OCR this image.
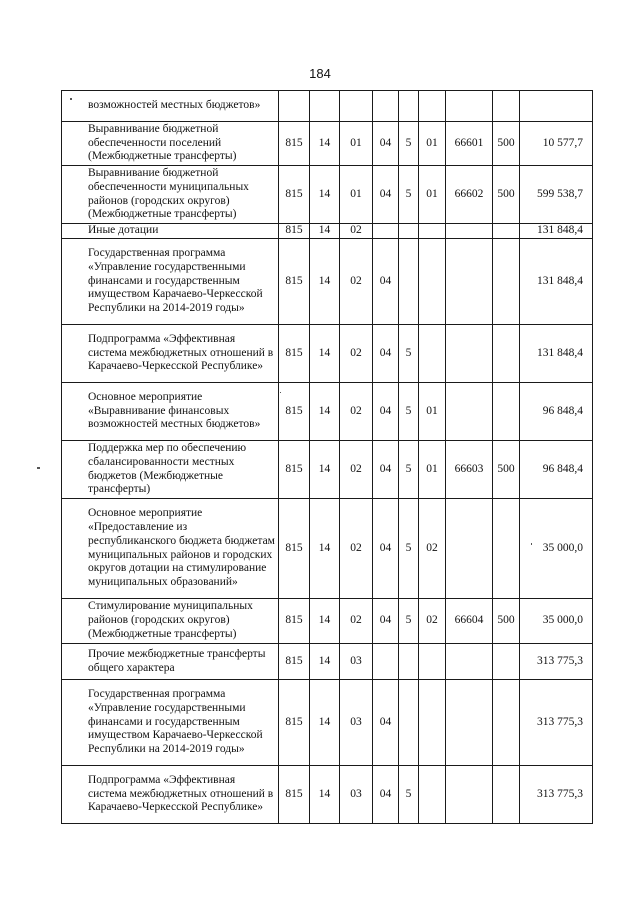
184
возможностей местных бюджетов»									
Выравнивание бюджетной обеспеченности поселений (Межбюджетные трансферты)	815	14	01	04	5	01	66601	500	10 577,7
Выравнивание бюджетной обеспеченности муниципальных районов (городских округов) (Межбюджетные трансферты)	815	14	01	04	5	01	66602	500	599 538,7
Иные дотации	815	14	02						131 848,4
Государственная программа «Управление государственными финансами и государственным имуществом Карачаево-Черкесской Республики на 2014-2019 годы»	815	14	02	04					131 848,4
Подпрограмма «Эффективная система межбюджетных отношений в Карачаево-Черкесской Республике»	815	14	02	04	5				131 848,4
Основное мероприятие «Выравнивание финансовых возможностей местных бюджетов»	815	14	02	04	5	01			96 848,4
Поддержка мер по обеспечению сбалансированности местных бюджетов (Межбюджетные трансферты)	815	14	02	04	5	01	66603	500	96 848,4
Основное мероприятие «Предоставление из республиканского бюджета бюджетам муниципальных районов и городских округов дотации на стимулирование муниципальных образований»	815	14	02	04	5	02			35 000,0
Стимулирование муниципальных районов (городских округов) (Межбюджетные трансферты)	815	14	02	04	5	02	66604	500	35 000,0
Прочие межбюджетные трансферты общего характера	815	14	03						313 775,3
Государственная программа «Управление государственными финансами и государственным имуществом Карачаево-Черкесской Республики на 2014-2019 годы»	815	14	03	04					313 775,3
Подпрограмма «Эффективная система межбюджетных отношений в Карачаево-Черкесской Республике»	815	14	03	04	5				313 775,3
